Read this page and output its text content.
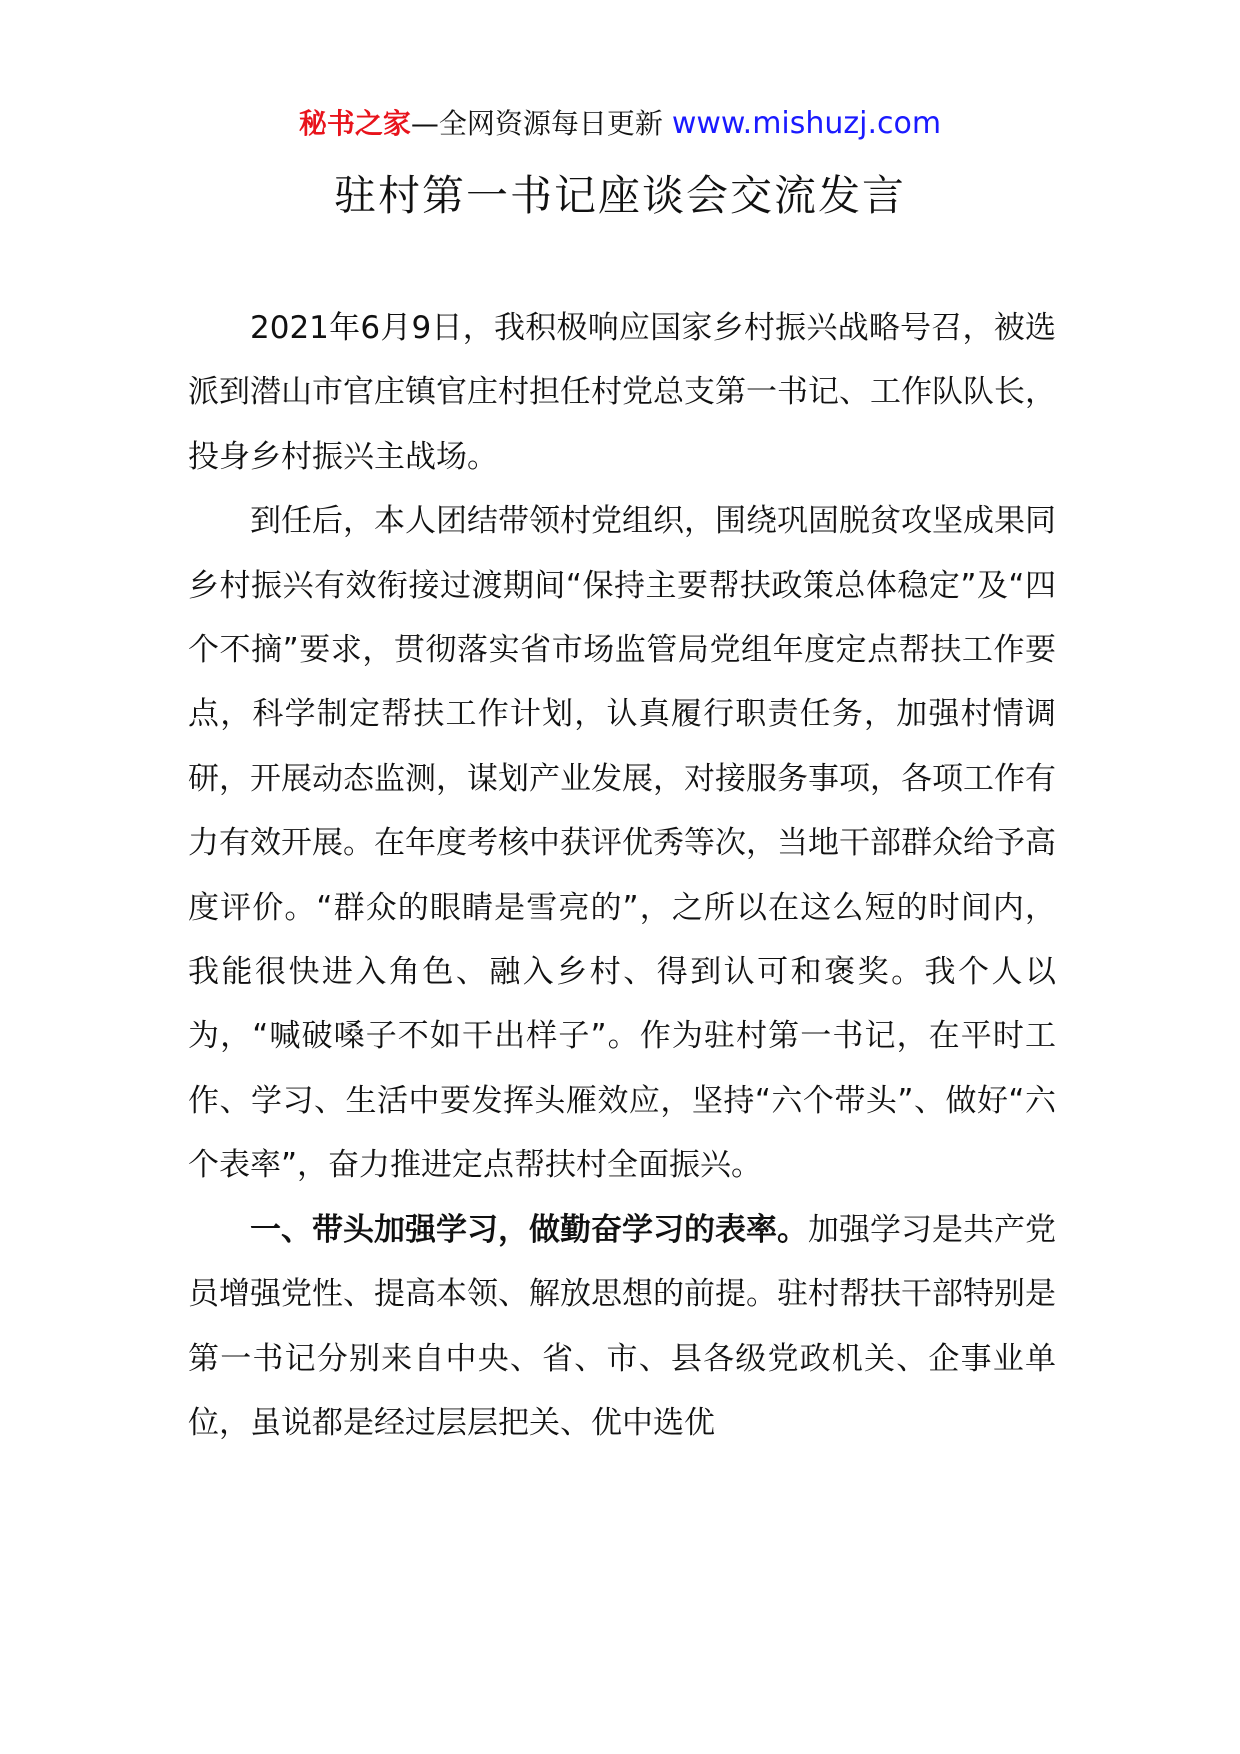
秘书之家—全网资源每日更新 www.mishuzj.com
驻村第一书记座谈会交流发言

2021年6月9日，我积极响应国家乡村振兴战略号召，被选派到潜山市官庄镇官庄村担任村党总支第一书记、工作队队长，投身乡村振兴主战场。

到任后，本人团结带领村党组织，围绕巩固脱贫攻坚成果同乡村振兴有效衔接过渡期间“保持主要帮扶政策总体稳定”及“四个不摘”要求，贯彻落实省市场监管局党组年度定点帮扶工作要点，科学制定帮扶工作计划，认真履行职责任务，加强村情调研，开展动态监测，谋划产业发展，对接服务事项，各项工作有力有效开展。在年度考核中获评优秀等次，当地干部群众给予高度评价。“群众的眼睛是雪亮的”，之所以在这么短的时间内，我能很快进入角色、融入乡村、得到认可和褒奖。我个人以为，“喊破嗓子不如干出样子”。作为驻村第一书记，在平时工作、学习、生活中要发挥头雁效应，坚持“六个带头”、做好“六个表率”，奋力推进定点帮扶村全面振兴。

一、带头加强学习，做勤奋学习的表率。加强学习是共产党员增强党性、提高本领、解放思想的前提。驻村帮扶干部特别是第一书记分别来自中央、省、市、县各级党政机关、企事业单位，虽说都是经过层层把关、优中选优
